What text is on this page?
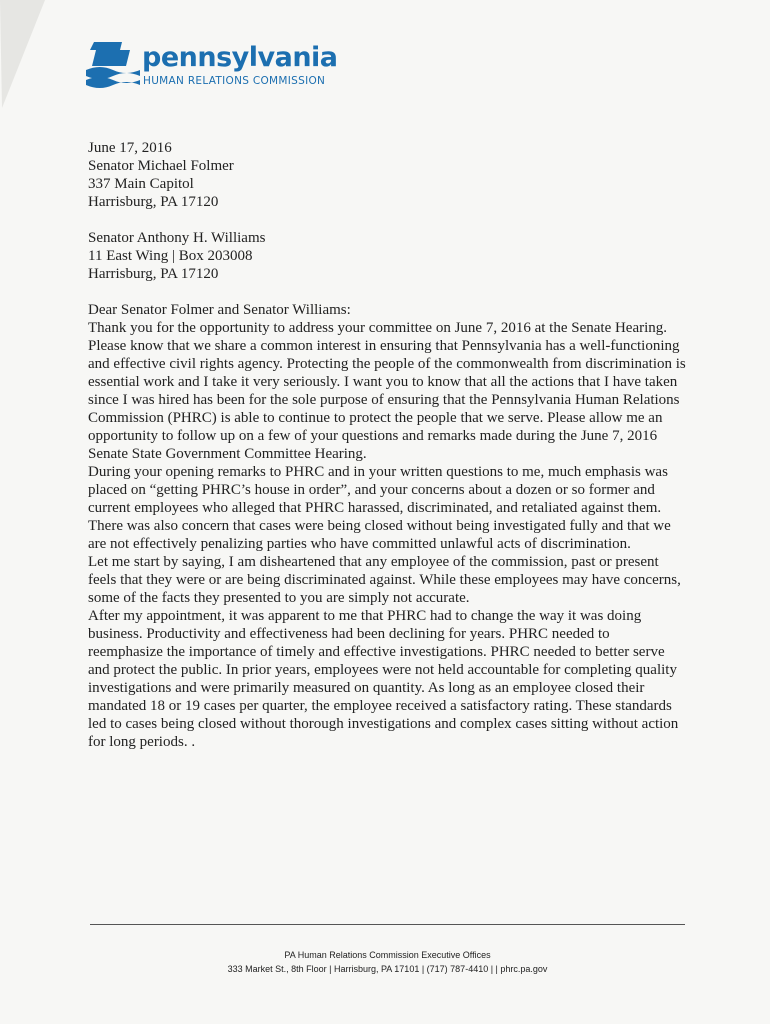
pennsylvania
HUMAN RELATIONS COMMISSION

June 17, 2016

Senator Michael Folmer

337 Main Capitol

Harrisburg, PA 17120

Senator Anthony H. Williams

11 East Wing | Box 203008

Harrisburg, PA 17120

Dear Senator Folmer and Senator Williams:

Thank you for the opportunity to address your committee on June 7, 2016 at the Senate Hearing. Please know that we share a common interest in ensuring that Pennsylvania has a well-functioning and effective civil rights agency. Protecting the people of the commonwealth from discrimination is essential work and I take it very seriously. I want you to know that all the actions that I have taken since I was hired has been for the sole purpose of ensuring that the Pennsylvania Human Relations Commission (PHRC) is able to continue to protect the people that we serve. Please allow me an opportunity to follow up on a few of your questions and remarks made during the June 7, 2016 Senate State Government Committee Hearing.

During your opening remarks to PHRC and in your written questions to me, much emphasis was placed on “getting PHRC’s house in order”, and your concerns about a dozen or so former and current employees who alleged that PHRC harassed, discriminated, and retaliated against them. There was also concern that cases were being closed without being investigated fully and that we are not effectively penalizing parties who have committed unlawful acts of discrimination.

Let me start by saying, I am disheartened that any employee of the commission, past or present feels that they were or are being discriminated against. While these employees may have concerns, some of the facts they presented to you are simply not accurate.

After my appointment, it was apparent to me that PHRC had to change the way it was doing business. Productivity and effectiveness had been declining for years. PHRC needed to reemphasize the importance of timely and effective investigations. PHRC needed to better serve and protect the public. In prior years, employees were not held accountable for completing quality investigations and were primarily measured on quantity. As long as an employee closed their mandated 18 or 19 cases per quarter, the employee received a satisfactory rating. These standards led to cases being closed without thorough investigations and complex cases sitting without action for long periods. .

PA Human Relations Commission Executive Offices
333 Market St., 8th Floor | Harrisburg, PA 17101 | (717) 787-4410 | | phrc.pa.gov
